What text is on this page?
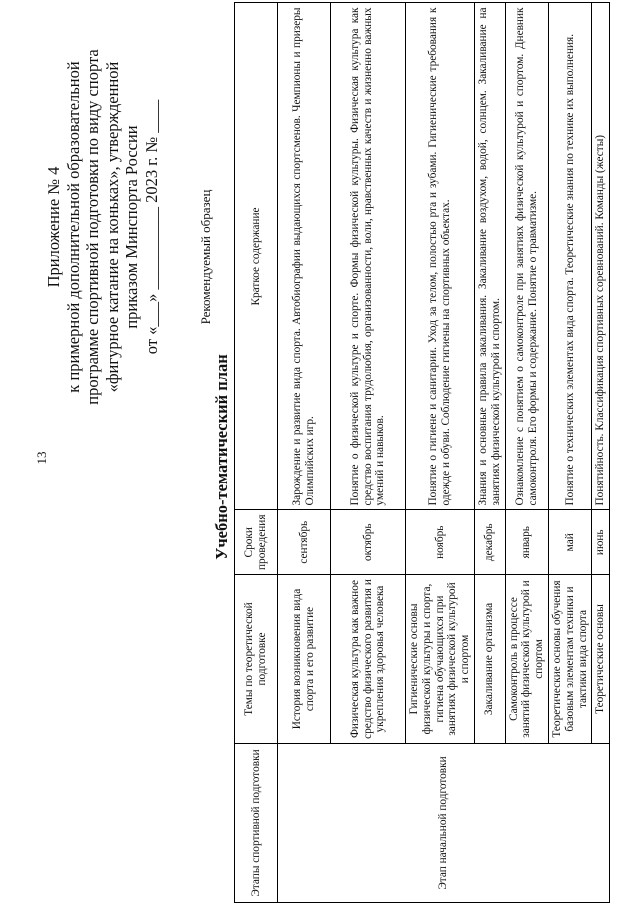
13
Приложение № 4 к примерной дополнительной образовательной программе спортивной подготовки по виду спорта «фигурное катание на коньках», утвержденной приказом Минспорта России от «___» __________ 2023 г. № ____	Рекомендуемый образец
Учебно-тематический план
Этапы спортивной подготовки	Темы по теоретической подготовке	Сроки проведения	Краткое содержание
Этап начальной подготовки	История возникновения вида спорта и его развитие	сентябрь	Зарождение и развитие вида спорта. Автобиографии выдающихся спортсменов. Чемпионы и призеры Олимпийских игр.
	Физическая культура как важное средство физического развития и укрепления здоровья человека	октябрь	Понятие о физической культуре и спорте. Формы физической культуры. Физическая культура как средство воспитания трудолюбия, организованности, воли, нравственных качеств и жизненно важных умений и навыков.
	Гигиенические основы физической культуры и спорта, гигиена обучающихся при занятиях физической культурой и спортом	ноябрь	Понятие о гигиене и санитарии. Уход за телом, полостью рта и зубами. Гигиенические требования к одежде и обуви. Соблюдение гигиены на спортивных объектах.
	Закаливание организма	декабрь	Знания и основные правила закаливания. Закаливание воздухом, водой, солнцем. Закаливание на занятиях физической культурой и спортом.
	Самоконтроль в процессе занятий физической культурой и спортом	январь	Ознакомление с понятием о самоконтроле при занятиях физической культурой и спортом. Дневник самоконтроля. Его формы и содержание. Понятие о травматизме.
	Теоретические основы обучения базовым элементам техники и тактики вида спорта	май	Понятие о технических элементах вида спорта. Теоретические знания по технике их выполнения.
	Теоретические основы	июнь	Понятийность. Классификация спортивных соревнований. Команды (жесты)
